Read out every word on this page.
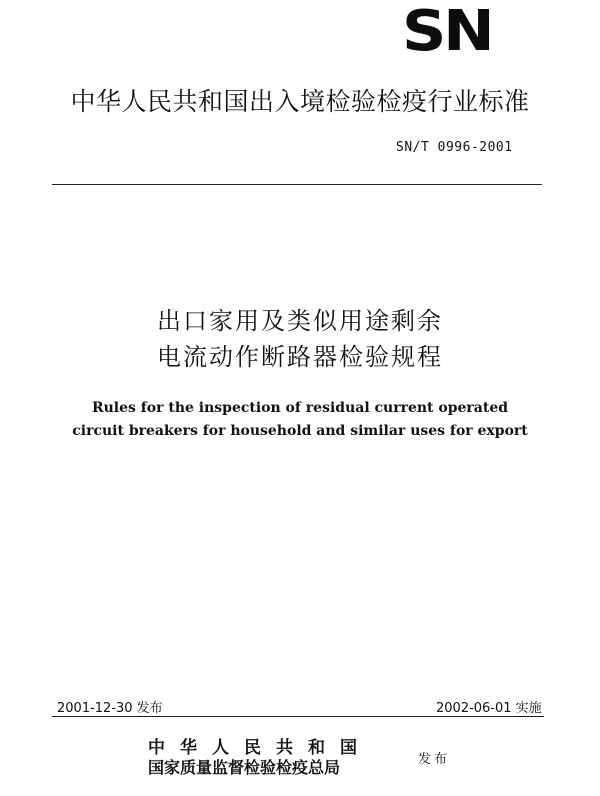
SN
中华人民共和国出入境检验检疫行业标准
SN/T 0996-2001
出口家用及类似用途剩余
电流动作断路器检验规程
Rules for the inspection of residual current operated
circuit breakers for household and similar uses for export
2001-12-30 发布	2002-06-01 实施
中华人民共和国
国家质量监督检验检疫总局	发布
